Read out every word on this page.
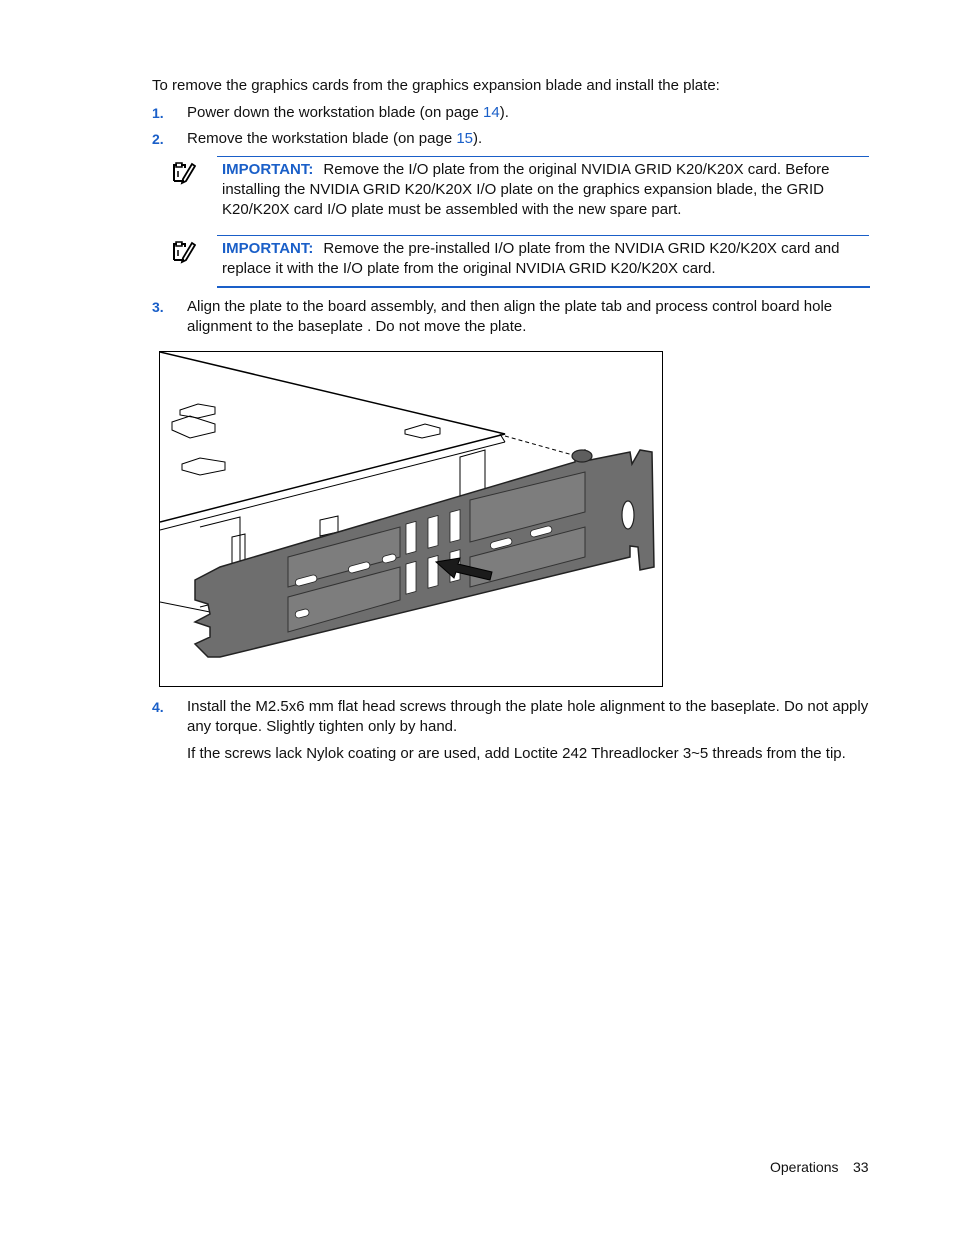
To remove the graphics cards from the graphics expansion blade and install the plate:
1. Power down the workstation blade (on page 14).
2. Remove the workstation blade (on page 15).
IMPORTANT: Remove the I/O plate from the original NVIDIA GRID K20/K20X card. Before installing the NVIDIA GRID K20/K20X I/O plate on the graphics expansion blade, the GRID K20/K20X card I/O plate must be assembled with the new spare part.
IMPORTANT: Remove the pre-installed I/O plate from the NVIDIA GRID K20/K20X card and replace it with the I/O plate from the original NVIDIA GRID K20/K20X card.
3. Align the plate to the board assembly, and then align the plate tab and process control board hole alignment to the baseplate . Do not move the plate.
4. Install the M2.5x6 mm flat head screws through the plate hole alignment to the baseplate. Do not apply any torque. Slightly tighten only by hand.
If the screws lack Nylok coating or are used, add Loctite 242 Threadlocker 3~5 threads from the tip.
Operations 33
